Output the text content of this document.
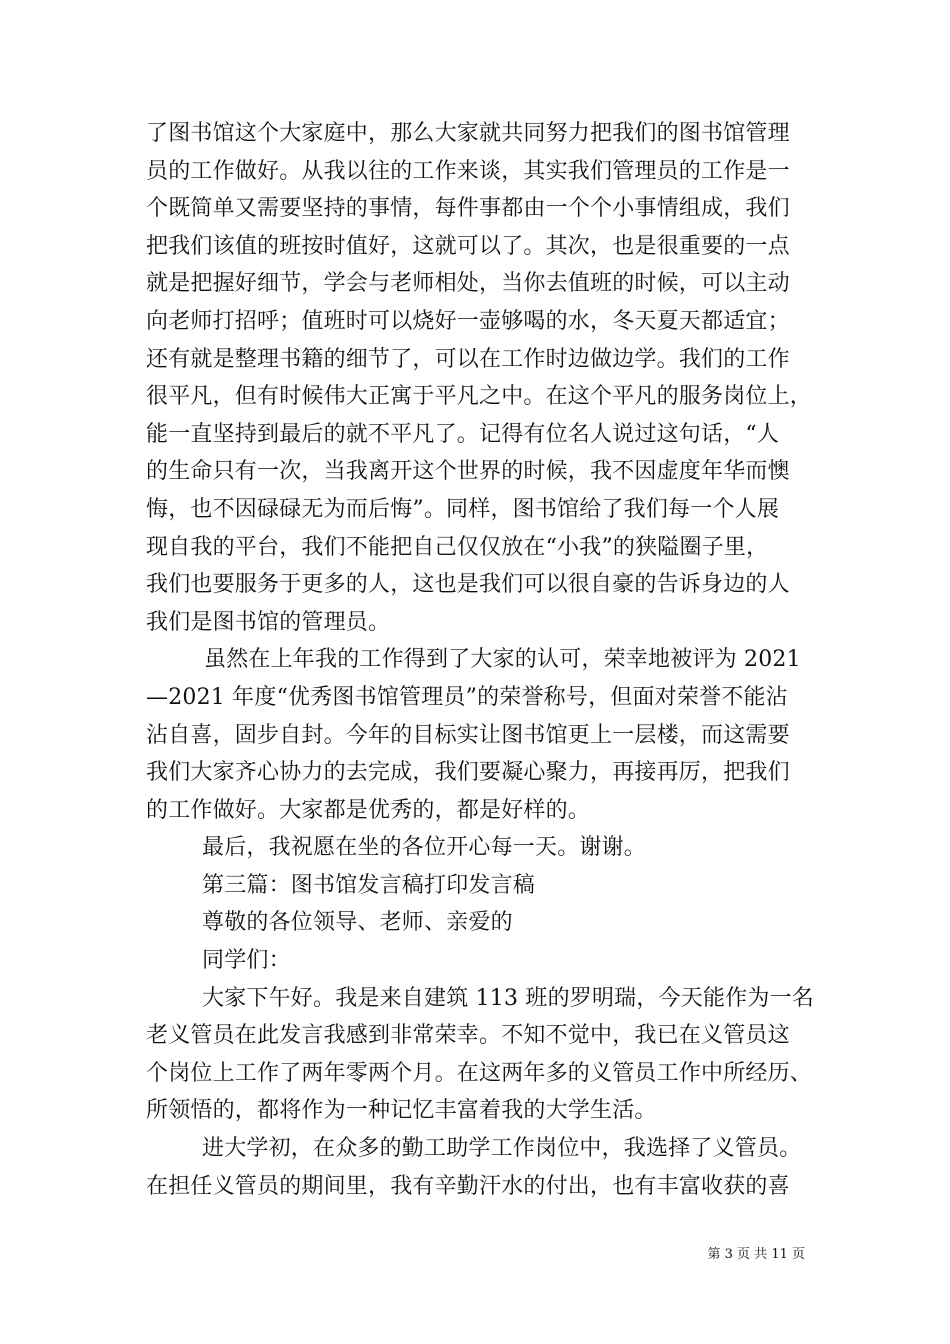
了图书馆这个大家庭中，那么大家就共同努力把我们的图书馆管理
员的工作做好。从我以往的工作来谈，其实我们管理员的工作是一
个既简单又需要坚持的事情，每件事都由一个个小事情组成，我们
把我们该值的班按时值好，这就可以了。其次，也是很重要的一点
就是把握好细节，学会与老师相处，当你去值班的时候，可以主动
向老师打招呼；值班时可以烧好一壶够喝的水，冬天夏天都适宜；
还有就是整理书籍的细节了，可以在工作时边做边学。我们的工作
很平凡，但有时候伟大正寓于平凡之中。在这个平凡的服务岗位上，
能一直坚持到最后的就不平凡了。记得有位名人说过这句话，“人
的生命只有一次，当我离开这个世界的时候，我不因虚度年华而懊
悔，也不因碌碌无为而后悔”。同样，图书馆给了我们每一个人展
现自我的平台，我们不能把自己仅仅放在“小我”的狭隘圈子里，
我们也要服务于更多的人，这也是我们可以很自豪的告诉身边的人
我们是图书馆的管理员。
虽然在上年我的工作得到了大家的认可，荣幸地被评为 2021
—2021 年度“优秀图书馆管理员”的荣誉称号，但面对荣誉不能沾
沾自喜，固步自封。今年的目标实让图书馆更上一层楼，而这需要
我们大家齐心协力的去完成，我们要凝心聚力，再接再厉，把我们
的工作做好。大家都是优秀的，都是好样的。
最后，我祝愿在坐的各位开心每一天。谢谢。
第三篇：图书馆发言稿打印发言稿
尊敬的各位领导、老师、亲爱的
同学们：
大家下午好。我是来自建筑 113 班的罗明瑞，今天能作为一名
老义管员在此发言我感到非常荣幸。不知不觉中，我已在义管员这
个岗位上工作了两年零两个月。在这两年多的义管员工作中所经历、
所领悟的，都将作为一种记忆丰富着我的大学生活。
进大学初，在众多的勤工助学工作岗位中，我选择了义管员。
在担任义管员的期间里，我有辛勤汗水的付出，也有丰富收获的喜
第 3 页 共 11 页
